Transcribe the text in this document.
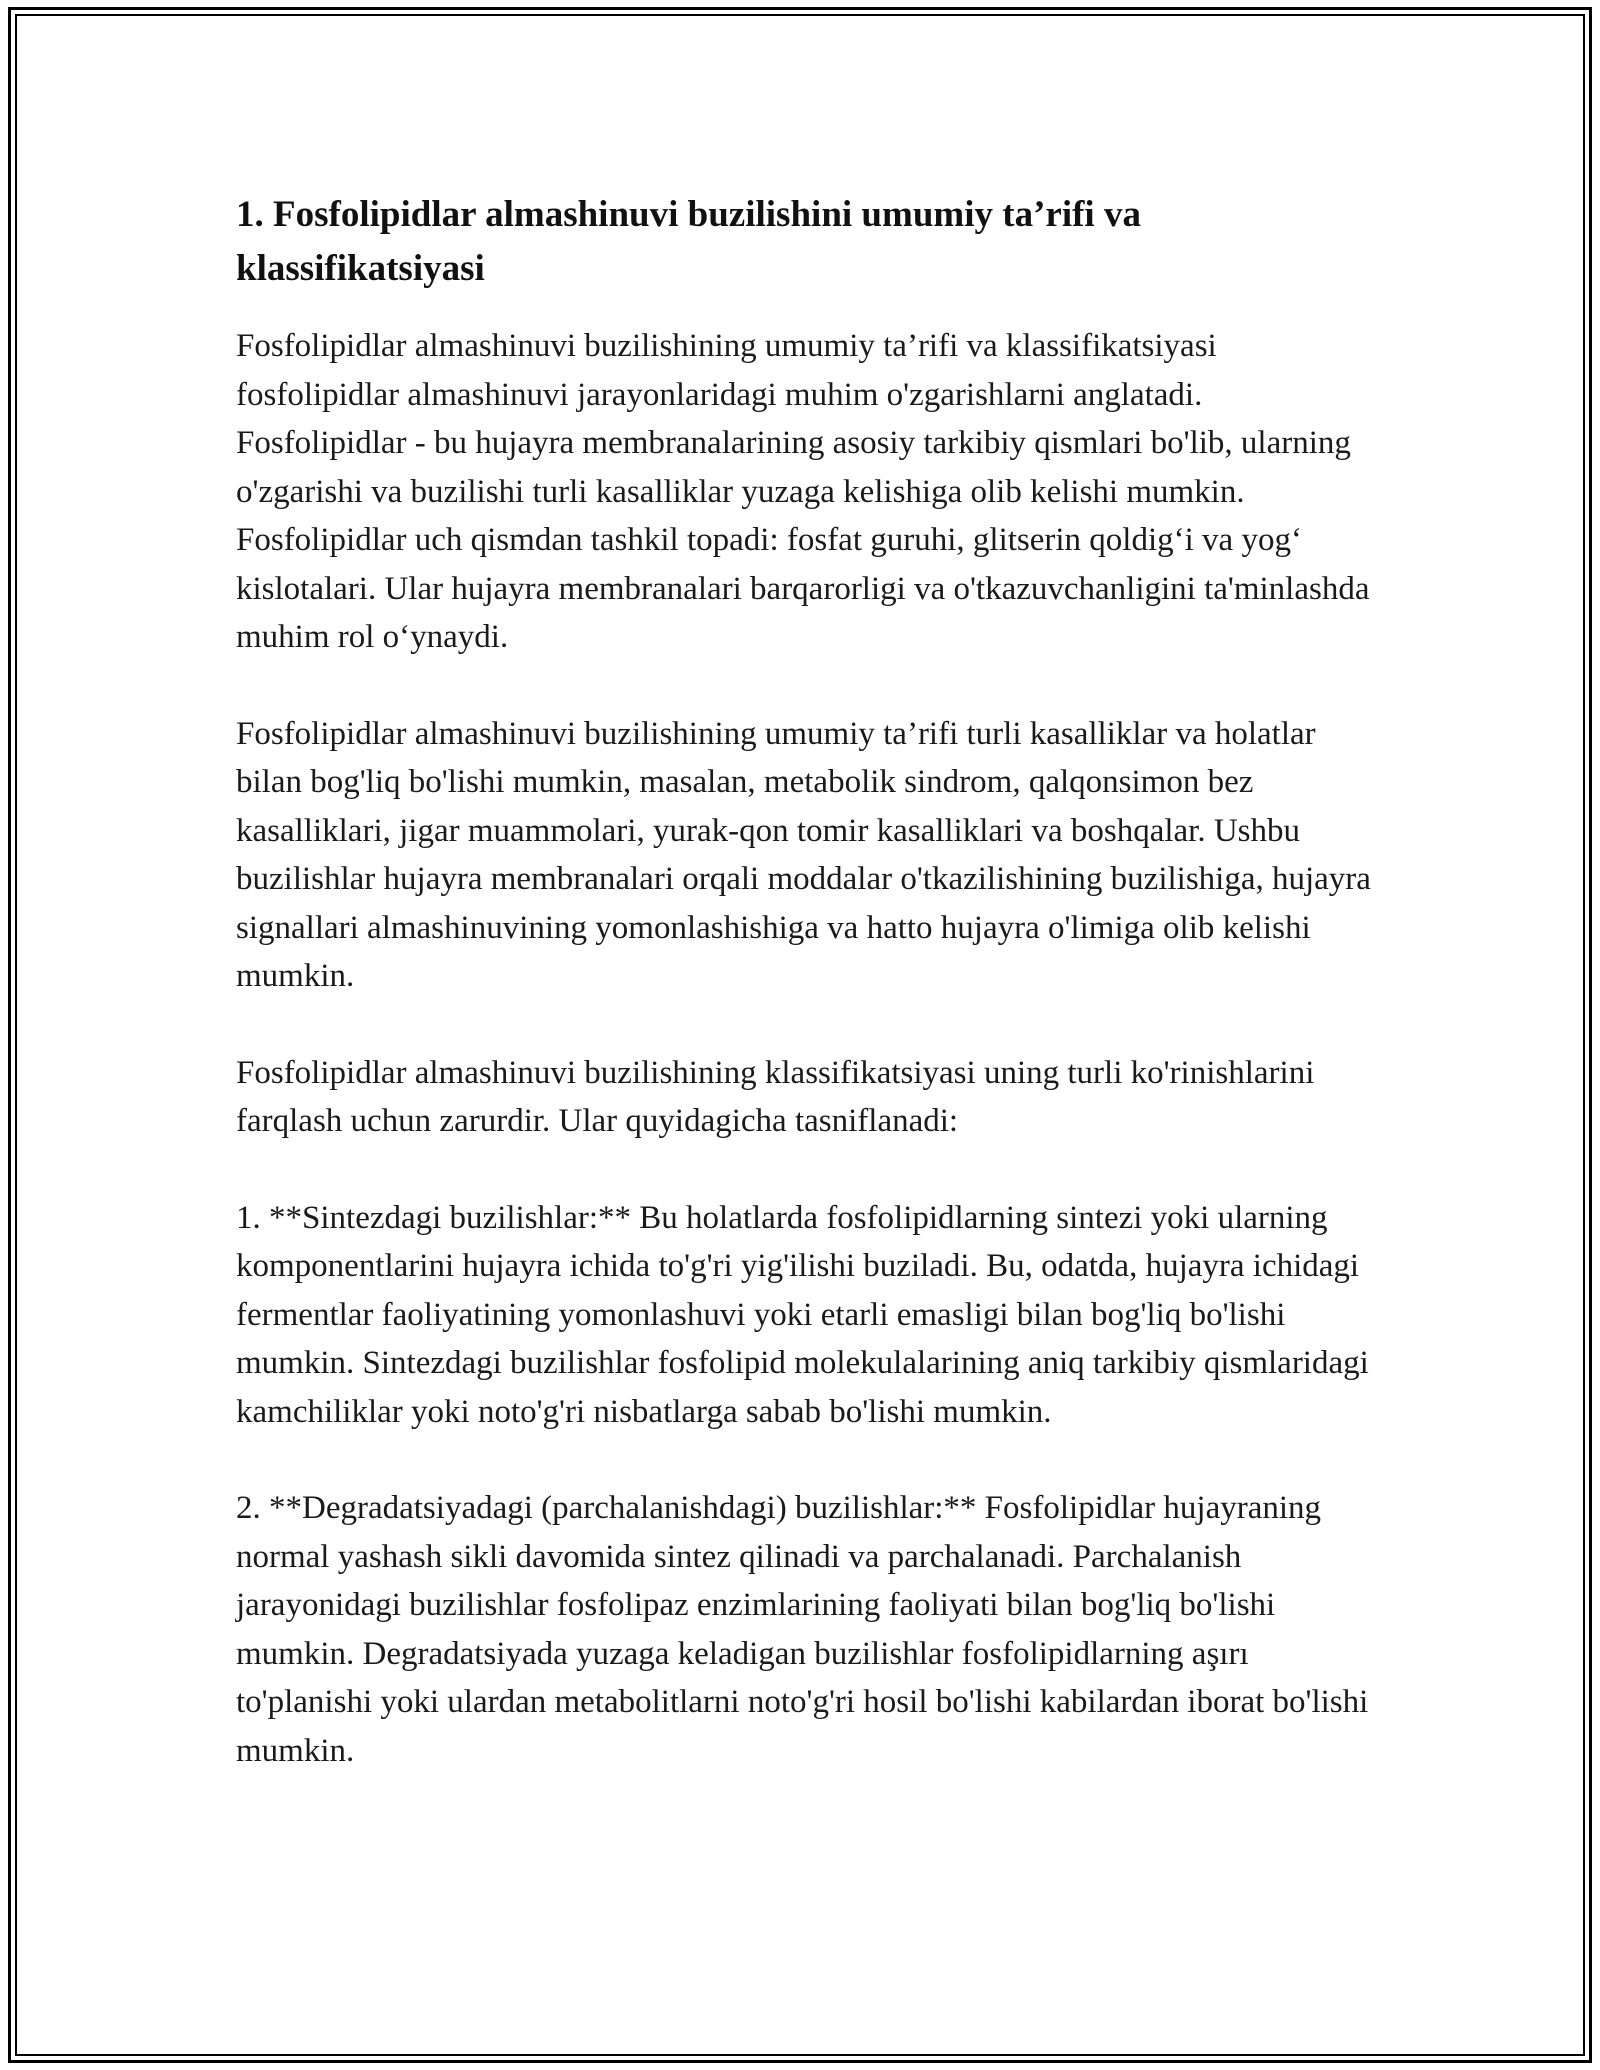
1. Fosfolipidlar almashinuvi buzilishini umumiy ta’rifi va klassifikatsiyasi

Fosfolipidlar almashinuvi buzilishining umumiy ta’rifi va klassifikatsiyasi fosfolipidlar almashinuvi jarayonlaridagi muhim o'zgarishlarni anglatadi. Fosfolipidlar - bu hujayra membranalarining asosiy tarkibiy qismlari bo'lib, ularning o'zgarishi va buzilishi turli kasalliklar yuzaga kelishiga olib kelishi mumkin. Fosfolipidlar uch qismdan tashkil topadi: fosfat guruhi, glitserin qoldig‘i va yog‘ kislotalari. Ular hujayra membranalari barqarorligi va o'tkazuvchanligini ta'minlashda muhim rol o‘ynaydi.

Fosfolipidlar almashinuvi buzilishining umumiy ta’rifi turli kasalliklar va holatlar bilan bog'liq bo'lishi mumkin, masalan, metabolik sindrom, qalqonsimon bez kasalliklari, jigar muammolari, yurak-qon tomir kasalliklari va boshqalar. Ushbu buzilishlar hujayra membranalari orqali moddalar o'tkazilishining buzilishiga, hujayra signallari almashinuvining yomonlashishiga va hatto hujayra o'limiga olib kelishi mumkin.

Fosfolipidlar almashinuvi buzilishining klassifikatsiyasi uning turli ko'rinishlarini farqlash uchun zarurdir. Ular quyidagicha tasniflanadi:

1. **Sintezdagi buzilishlar:** Bu holatlarda fosfolipidlarning sintezi yoki ularning komponentlarini hujayra ichida to'g'ri yig'ilishi buziladi. Bu, odatda, hujayra ichidagi fermentlar faoliyatining yomonlashuvi yoki etarli emasligi bilan bog'liq bo'lishi mumkin. Sintezdagi buzilishlar fosfolipid molekulalarining aniq tarkibiy qismlaridagi kamchiliklar yoki noto'g'ri nisbatlarga sabab bo'lishi mumkin.

2. **Degradatsiyadagi (parchalanishdagi) buzilishlar:** Fosfolipidlar hujayraning normal yashash sikli davomida sintez qilinadi va parchalanadi. Parchalanish jarayonidagi buzilishlar fosfolipaz enzimlarining faoliyati bilan bog'liq bo'lishi mumkin. Degradatsiyada yuzaga keladigan buzilishlar fosfolipidlarning aşırı to'planishi yoki ulardan metabolitlarni noto'g'ri hosil bo'lishi kabilardan iborat bo'lishi mumkin.
